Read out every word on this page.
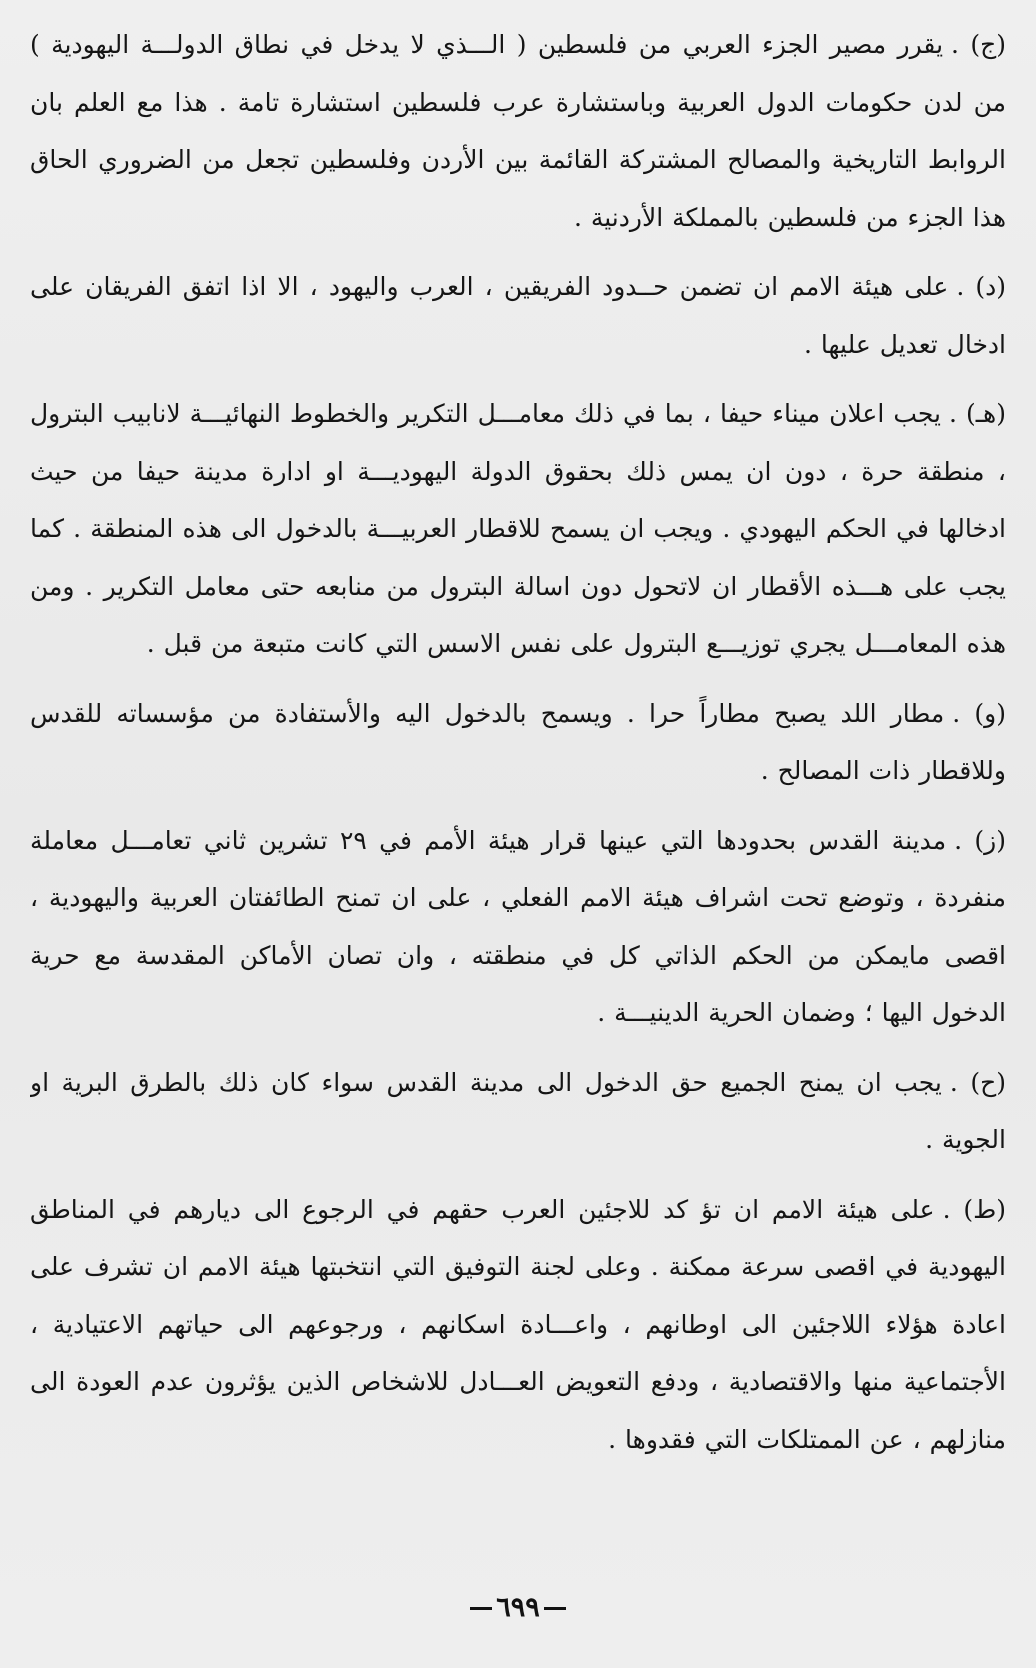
(ج) .يقرر مصير الجزء العربي من فلسطين ( الـــذي لا يدخل في نطاق الدولـــة اليهودية ) من لدن حكومات الدول العربية وباستشارة عرب فلسطين استشارة تامة . هذا مع العلم بان الروابط التاريخية والمصالح المشتركة القائمة بين الأردن وفلسطين تجعل من الضروري الحاق هذا الجزء من فلسطين بالمملكة الأردنية .

(د) .على هيئة الامم ان تضمن حــدود الفريقين ، العرب واليهود ، الا اذا اتفق الفريقان على ادخال تعديل عليها .

(هـ) .يجب اعلان ميناء حيفا ، بما في ذلك معامـــل التكرير والخطوط النهائيـــة لانابيب البترول ، منطقة حرة ، دون ان يمس ذلك بحقوق الدولة اليهوديـــة او ادارة مدينة حيفا من حيث ادخالها في الحكم اليهودي . ويجب ان يسمح للاقطار العربيـــة بالدخول الى هذه المنطقة . كما يجب على هـــذه الأقطار ان لاتحول دون اسالة البترول من منابعه حتى معامل التكرير . ومن هذه المعامـــل يجري توزيـــع البترول على نفس الاسس التي كانت متبعة من قبل .

(و) .مطار اللد يصبح مطاراً حرا . ويسمح بالدخول اليه والأستفادة من مؤسساته للقدس وللاقطار ذات المصالح .

(ز) .مدينة القدس بحدودها التي عينها قرار هيئة الأمم في ٢٩ تشرين ثاني تعامـــل معاملة منفردة ، وتوضع تحت اشراف هيئة الامم الفعلي ، على ان تمنح الطائفتان العربية واليهودية ، اقصى مايمكن من الحكم الذاتي كل في منطقته ، وان تصان الأماكن المقدسة مع حرية الدخول اليها ؛ وضمان الحرية الدينيـــة .

(ح) .يجب ان يمنح الجميع حق الدخول الى مدينة القدس سواء كان ذلك بالطرق البرية او الجوية .

(ط) .على هيئة الامم ان تؤ كد للاجئين العرب حقهم في الرجوع الى ديارهم في المناطق اليهودية في اقصى سرعة ممكنة . وعلى لجنة التوفيق التي انتخبتها هيئة الامم ان تشرف على اعادة هؤلاء اللاجئين الى اوطانهم ، واعـــادة اسكانهم ، ورجوعهم الى حياتهم الاعتيادية ، الأجتماعية منها والاقتصادية ، ودفع التعويض العـــادل للاشخاص الذين يؤثرون عدم العودة الى منازلهم ، عن الممتلكات التي فقدوها .

٦٩٩
